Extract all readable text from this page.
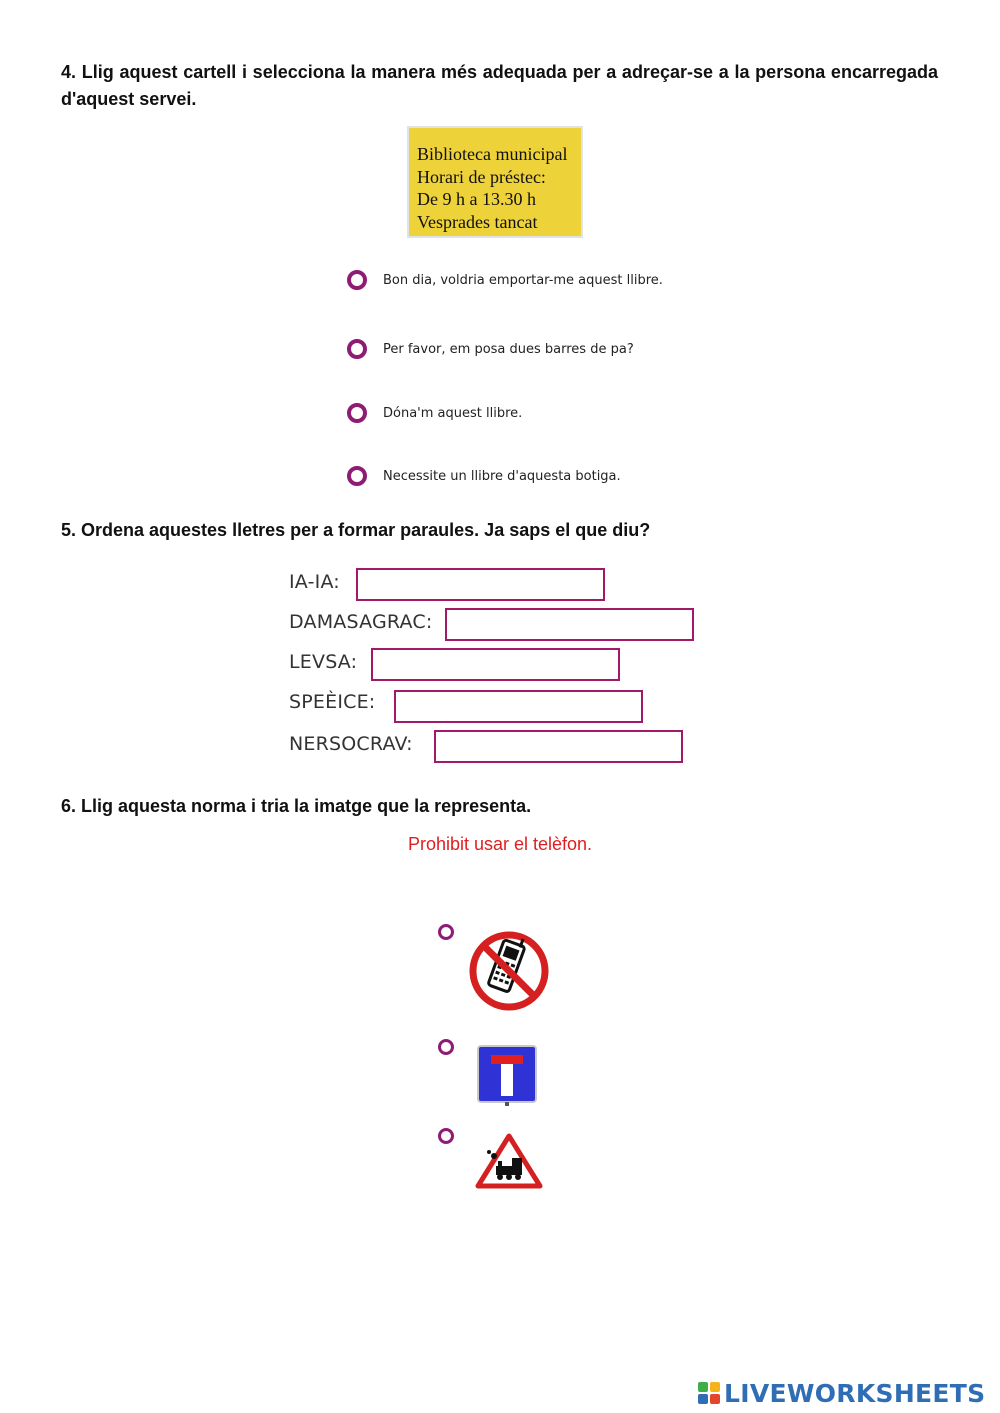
4. Llig aquest cartell i selecciona la manera més adequada per a adreçar-se a la persona encarregada d'aquest servei.

Biblioteca municipal
Horari de préstec:
De 9 h a 13.30 h
Vesprades tancat
Bon dia, voldria emportar-me aquest llibre.
Per favor, em posa dues barres de pa?
Dóna'm aquest llibre.
Necessite un llibre d'aquesta botiga.

5. Ordena aquestes lletres per a formar paraules. Ja saps el que diu?

IA-IA:
DAMASAGRAC:
LEVSA:
SPEÈICE:
NERSOCRAV:

6. Llig aquesta norma i tria la imatge que la representa.

Prohibit usar el telèfon.
LIVEWORKSHEETS
